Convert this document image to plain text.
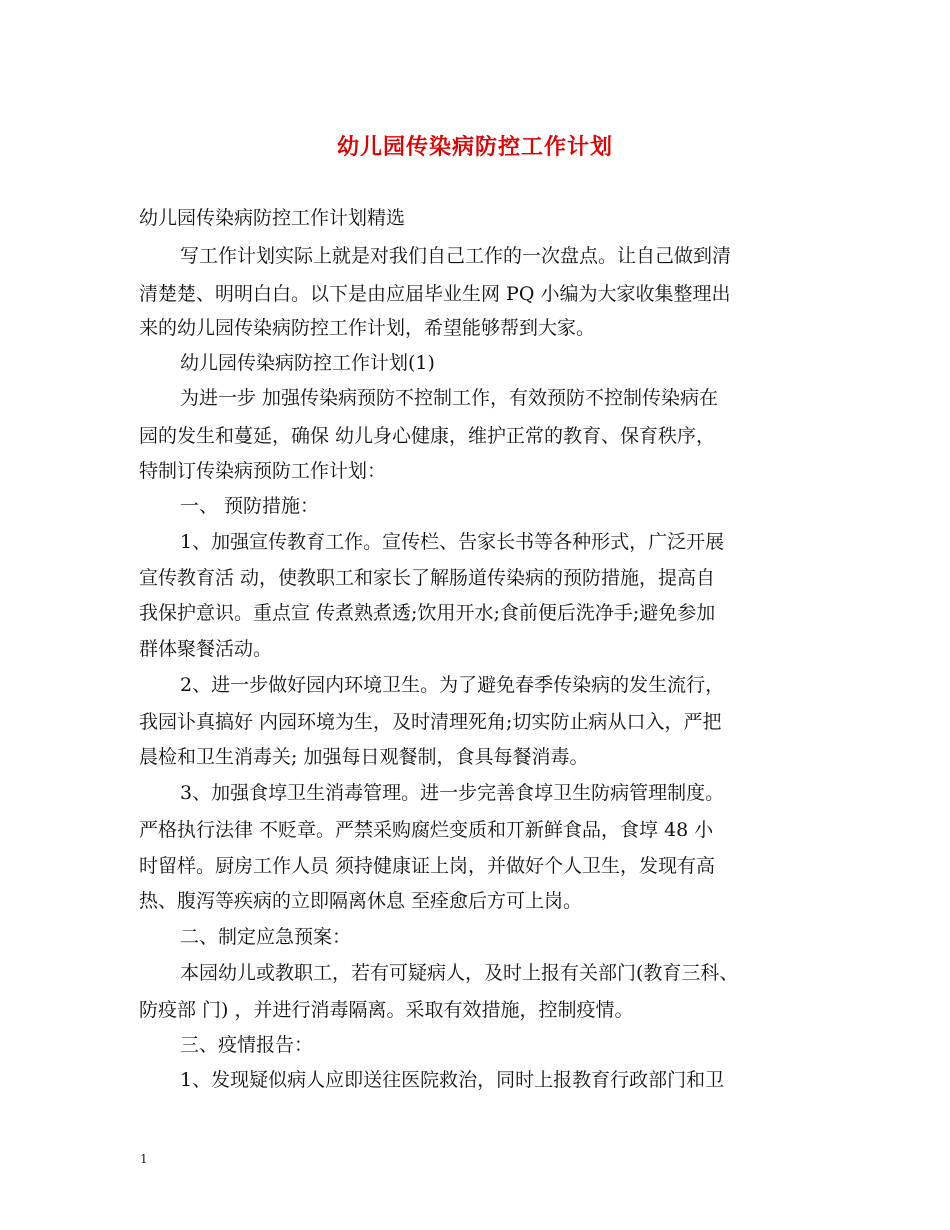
幼儿园传染病防控工作计划
幼儿园传染病防控工作计划精选
写工作计划实际上就是对我们自己工作的一次盘点。让自己做到清
清楚楚、明明白白。以下是由应届毕业生网 PQ 小编为大家收集整理出
来的幼儿园传染病防控工作计划，希望能够帮到大家。
幼儿园传染病防控工作计划(1)
为进一步 加强传染病预防不控制工作，有效预防不控制传染病在
园的发生和蔓延，确保 幼儿身心健康，维护正常的教育、保育秩序，
特制订传染病预防工作计划：
一、 预防措施：
1、加强宣传教育工作。宣传栏、告家长书等各种形式，广泛开展
宣传教育活 动，使教职工和家长了解肠道传染病的预防措施，提高自
我保护意识。重点宣 传煮熟煮透;饮用开水;食前便后洗净手;避免参加
群体聚餐活动。
2、进一步做好园内环境卫生。为了避免春季传染病的发生流行，
我园讣真搞好 内园环境为生，及时清理死角;切实防止病从口入，严把
晨检和卫生消毒关; 加强每日观餐制，食具每餐消毒。
3、加强食埻卫生消毒管理。进一步完善食埻卫生防病管理制度。
严格执行法律 不贬章。严禁采购腐烂变质和丌新鲜食品，食埻 48 小
时留样。厨房工作人员 须持健康证上岗，并做好个人卫生，发现有高
热、腹泻等疾病的立即隔离休息 至痊愈后方可上岗。
二、制定应急预案：
本园幼儿或教职工，若有可疑病人，及时上报有关部门(教育三科、
防疫部 门) ，并进行消毒隔离。采取有效措施，控制疫情。
三、疫情报告：
1、发现疑似病人应即送往医院救治，同时上报教育行政部门和卫
1
